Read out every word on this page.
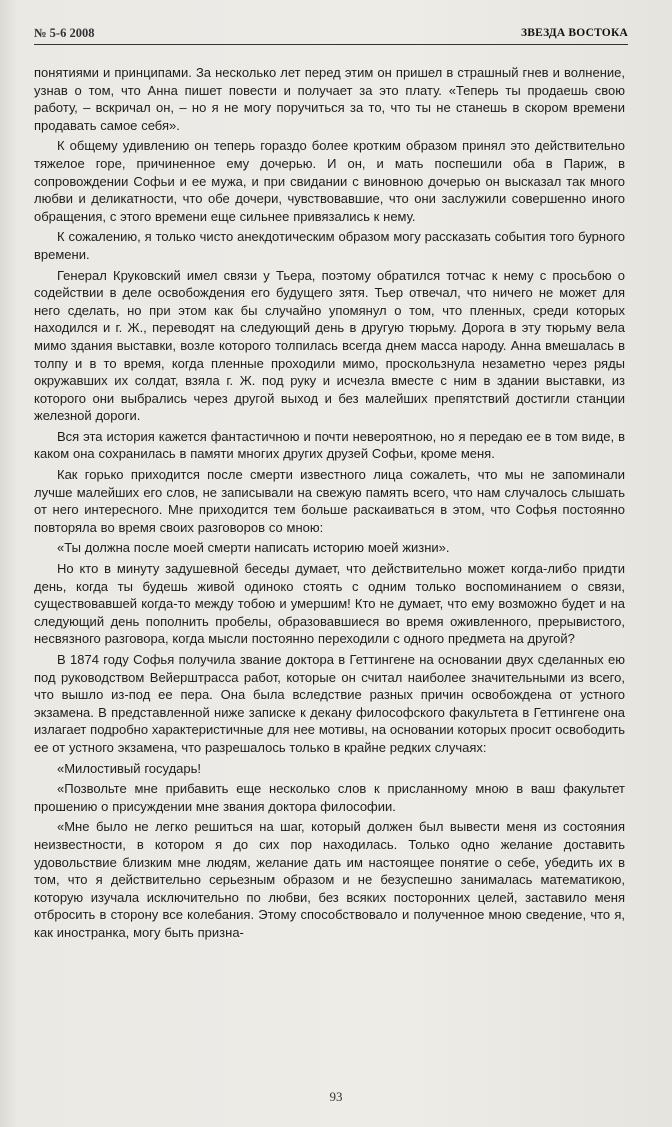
№ 5-6 2008	ЗВЕЗДА ВОСТОКА

понятиями и принципами. За несколько лет перед этим он пришел в страшный гнев и волнение, узнав о том, что Анна пишет повести и получает за это плату. «Теперь ты продаешь свою работу, – вскричал он, – но я не могу поручиться за то, что ты не станешь в скором времени продавать самое себя».

К общему удивлению он теперь гораздо более кротким образом принял это действительно тяжелое горе, причиненное ему дочерью. И он, и мать поспешили оба в Париж, в сопровождении Софьи и ее мужа, и при свидании с виновною дочерью он высказал так много любви и деликатности, что обе дочери, чувствовавшие, что они заслужили совершенно иного обращения, с этого времени еще сильнее привязались к нему.

К сожалению, я только чисто анекдотическим образом могу рассказать события того бурного времени.

Генерал Круковский имел связи у Тьера, поэтому обратился тотчас к нему с просьбою о содействии в деле освобождения его будущего зятя. Тьер отвечал, что ничего не может для него сделать, но при этом как бы случайно упомянул о том, что пленных, среди которых находился и г. Ж., переводят на следующий день в другую тюрьму. Дорога в эту тюрьму вела мимо здания выставки, возле которого толпилась всегда днем масса народу. Анна вмешалась в толпу и в то время, когда пленные проходили мимо, проскользнула незаметно через ряды окружавших их солдат, взяла г. Ж. под руку и исчезла вместе с ним в здании выставки, из которого они выбрались через другой выход и без малейших препятствий достигли станции железной дороги.

Вся эта история кажется фантастичною и почти невероятною, но я передаю ее в том виде, в каком она сохранилась в памяти многих других друзей Софьи, кроме меня.

Как горько приходится после смерти известного лица сожалеть, что мы не запоминали лучше малейших его слов, не записывали на свежую память всего, что нам случалось слышать от него интересного. Мне приходится тем больше раскаиваться в этом, что Софья постоянно повторяла во время своих разговоров со мною:

«Ты должна после моей смерти написать историю моей жизни».

Но кто в минуту задушевной беседы думает, что действительно может когда-либо придти день, когда ты будешь живой одиноко стоять с одним только воспоминанием о связи, существовавшей когда-то между тобою и умершим! Кто не думает, что ему возможно будет и на следующий день пополнить пробелы, образовавшиеся во время оживленного, прерывистого, несвязного разговора, когда мысли постоянно переходили с одного предмета на другой?

В 1874 году Софья получила звание доктора в Геттингене на основании двух сделанных ею под руководством Вейерштрасса работ, которые он считал наиболее значительными из всего, что вышло из-под ее пера. Она была вследствие разных причин освобождена от устного экзамена. В представленной ниже записке к декану философского факультета в Геттингене она излагает подробно характеристичные для нее мотивы, на основании которых просит освободить ее от устного экзамена, что разрешалось только в крайне редких случаях:

«Милостивый государь!

«Позвольте мне прибавить еще несколько слов к присланному мною в ваш факультет прошению о присуждении мне звания доктора философии.

«Мне было не легко решиться на шаг, который должен был вывести меня из состояния неизвестности, в котором я до сих пор находилась. Только одно желание доставить удовольствие близким мне людям, желание дать им настоящее понятие о себе, убедить их в том, что я действительно серьезным образом и не безуспешно занималась математикою, которую изучала исключительно по любви, без всяких посторонних целей, заставило меня отбросить в сторону все колебания. Этому способствовало и полученное мною сведение, что я, как иностранка, могу быть призна-

93
